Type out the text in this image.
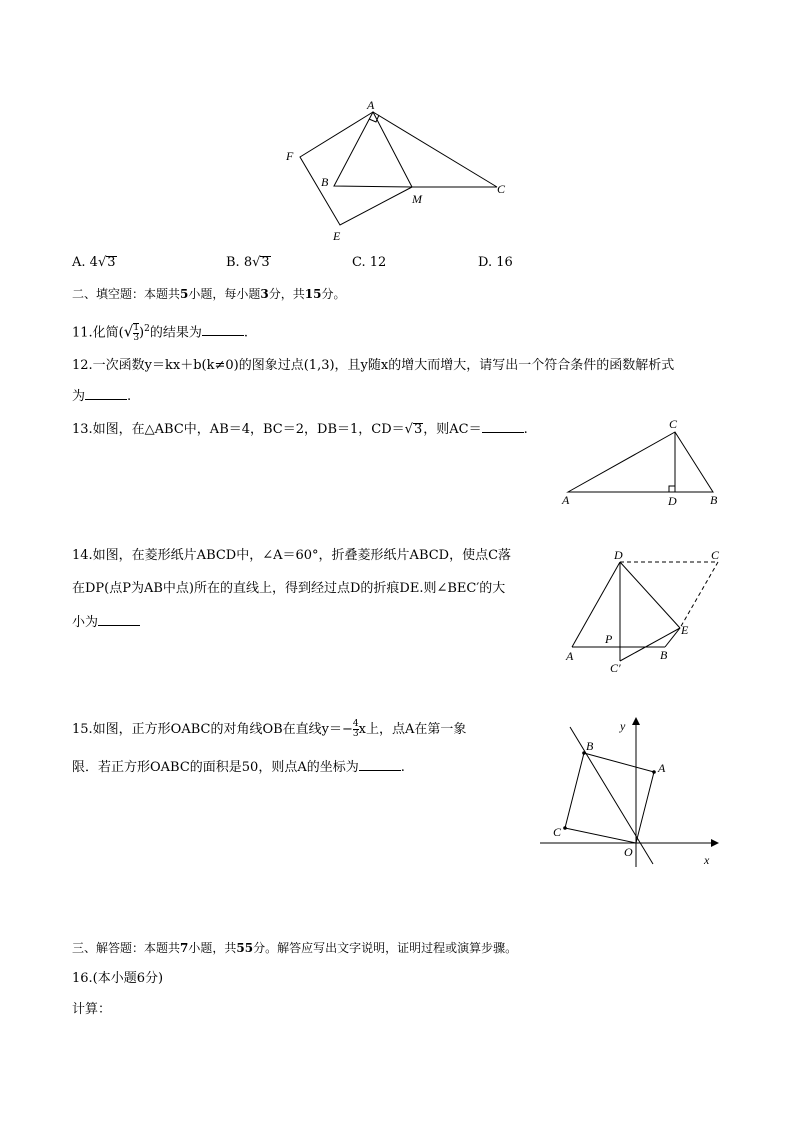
A
F
B
M
C
E
A. 4√3	B. 8√3	C. 12	D. 16
二、填空题：本题共5小题，每小题3分，共15分。
11.化简(√ $\frac{1}{3} )^2$的结果为	.
12.一次函数y＝kx＋b(k≠0)的图象过点(1,3)，且y随x的增大而增大，请写出一个符合条件的函数解析式
为	.
13.如图，在△ABC中，AB＝4，BC＝2，DB＝1，CD＝√3，则AC＝	.	C
A	D	B
14.如图，在菱形纸片ABCD中，∠A＝60°，折叠菱形纸片ABCD，使点C落
在DP(点P为AB中点)所在的直线上，得到经过点D的折痕DE.则∠BEC′的大
小为
D	C
E
P
A	B
C′
15.如图，正方形OABC的对角线OB在直线$y=- \frac{4}{3}$ x上，点A在第一象
限．若正方形OABC的面积是50，则点A的坐标为	.
y
x
B
A
C
O
三、解答题：本题共7小题，共55分。解答应写出文字说明，证明过程或演算步骤。
16.(本小题6分)
计算：
